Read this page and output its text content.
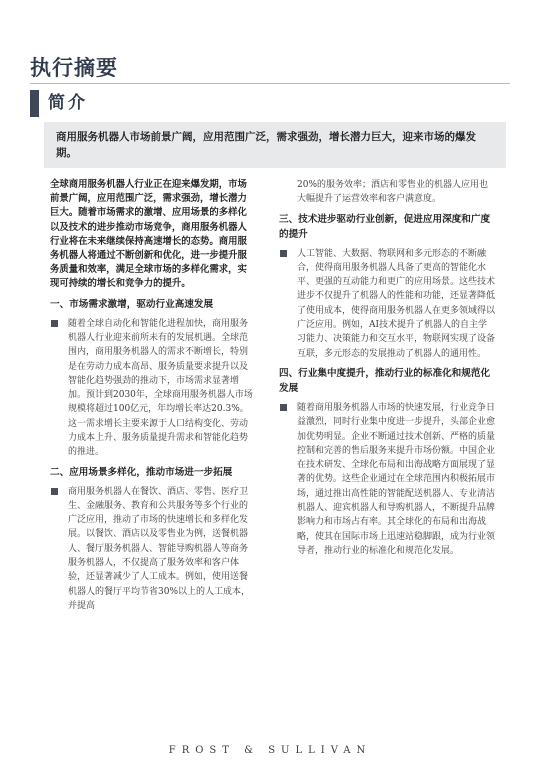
执行摘要
简介
商用服务机器人市场前景广阔，应用范围广泛，需求强劲，增长潜力巨大，迎来市场的爆发期。
全球商用服务机器人行业正在迎来爆发期，市场前景广阔，应用范围广泛，需求强劲，增长潜力巨大。随着市场需求的激增、应用场景的多样化以及技术的进步推动市场竞争，商用服务机器人行业将在未来继续保持高速增长的态势。商用服务机器人将通过不断创新和优化，进一步提升服务质量和效率，满足全球市场的多样化需求，实现可持续的增长和竞争力的提升。
一、市场需求激增，驱动行业高速发展
随着全球自动化和智能化进程加快，商用服务机器人行业迎来前所未有的发展机遇。全球范围内，商用服务机器人的需求不断增长，特别是在劳动力成本高昂、服务质量要求提升以及智能化趋势强劲的推动下，市场需求显著增加。预计到2030年，全球商用服务机器人市场规模将超过100亿元，年均增长率达20.3%。这一需求增长主要来源于人口结构变化、劳动力成本上升、服务质量提升需求和智能化趋势的推进。
二、应用场景多样化，推动市场进一步拓展
商用服务机器人在餐饮、酒店、零售、医疗卫生、金融服务、教育和公共服务等多个行业的广泛应用，推动了市场的快速增长和多样化发展。以餐饮、酒店以及零售业为例，送餐机器人、餐厅服务机器人、智能导购机器人等商务服务机器人，不仅提高了服务效率和客户体验，还显著减少了人工成本。例如，使用送餐机器人的餐厅平均节省30%以上的人工成本，并提高
20%的服务效率；酒店和零售业的机器人应用也大幅提升了运营效率和客户满意度。
三、技术进步驱动行业创新，促进应用深度和广度的提升
人工智能、大数据、物联网和多元形态的不断融合，使得商用服务机器人具备了更高的智能化水平、更强的互动能力和更广的应用场景。这些技术进步不仅提升了机器人的性能和功能，还显著降低了使用成本，使得商用服务机器人在更多领域得以广泛应用。例如，AI技术提升了机器人的自主学习能力、决策能力和交互水平，物联网实现了设备互联，多元形态的发展推动了机器人的通用性。
四、行业集中度提升，推动行业的标准化和规范化发展
随着商用服务机器人市场的快速发展，行业竞争日益激烈，同时行业集中度进一步提升，头部企业愈加优势明显。企业不断通过技术创新、严格的质量控制和完善的售后服务来提升市场份额。中国企业在技术研发、全球化布局和出海战略方面展现了显著的优势。这些企业通过在全球范围内积极拓展市场，通过推出高性能的智能配送机器人、专业清洁机器人、迎宾机器人和导购机器人，不断提升品牌影响力和市场占有率。其全球化的布局和出海战略，使其在国际市场上迅速站稳脚跟，成为行业领导者，推动行业的标准化和规范化发展。
FROST & SULLIVAN
